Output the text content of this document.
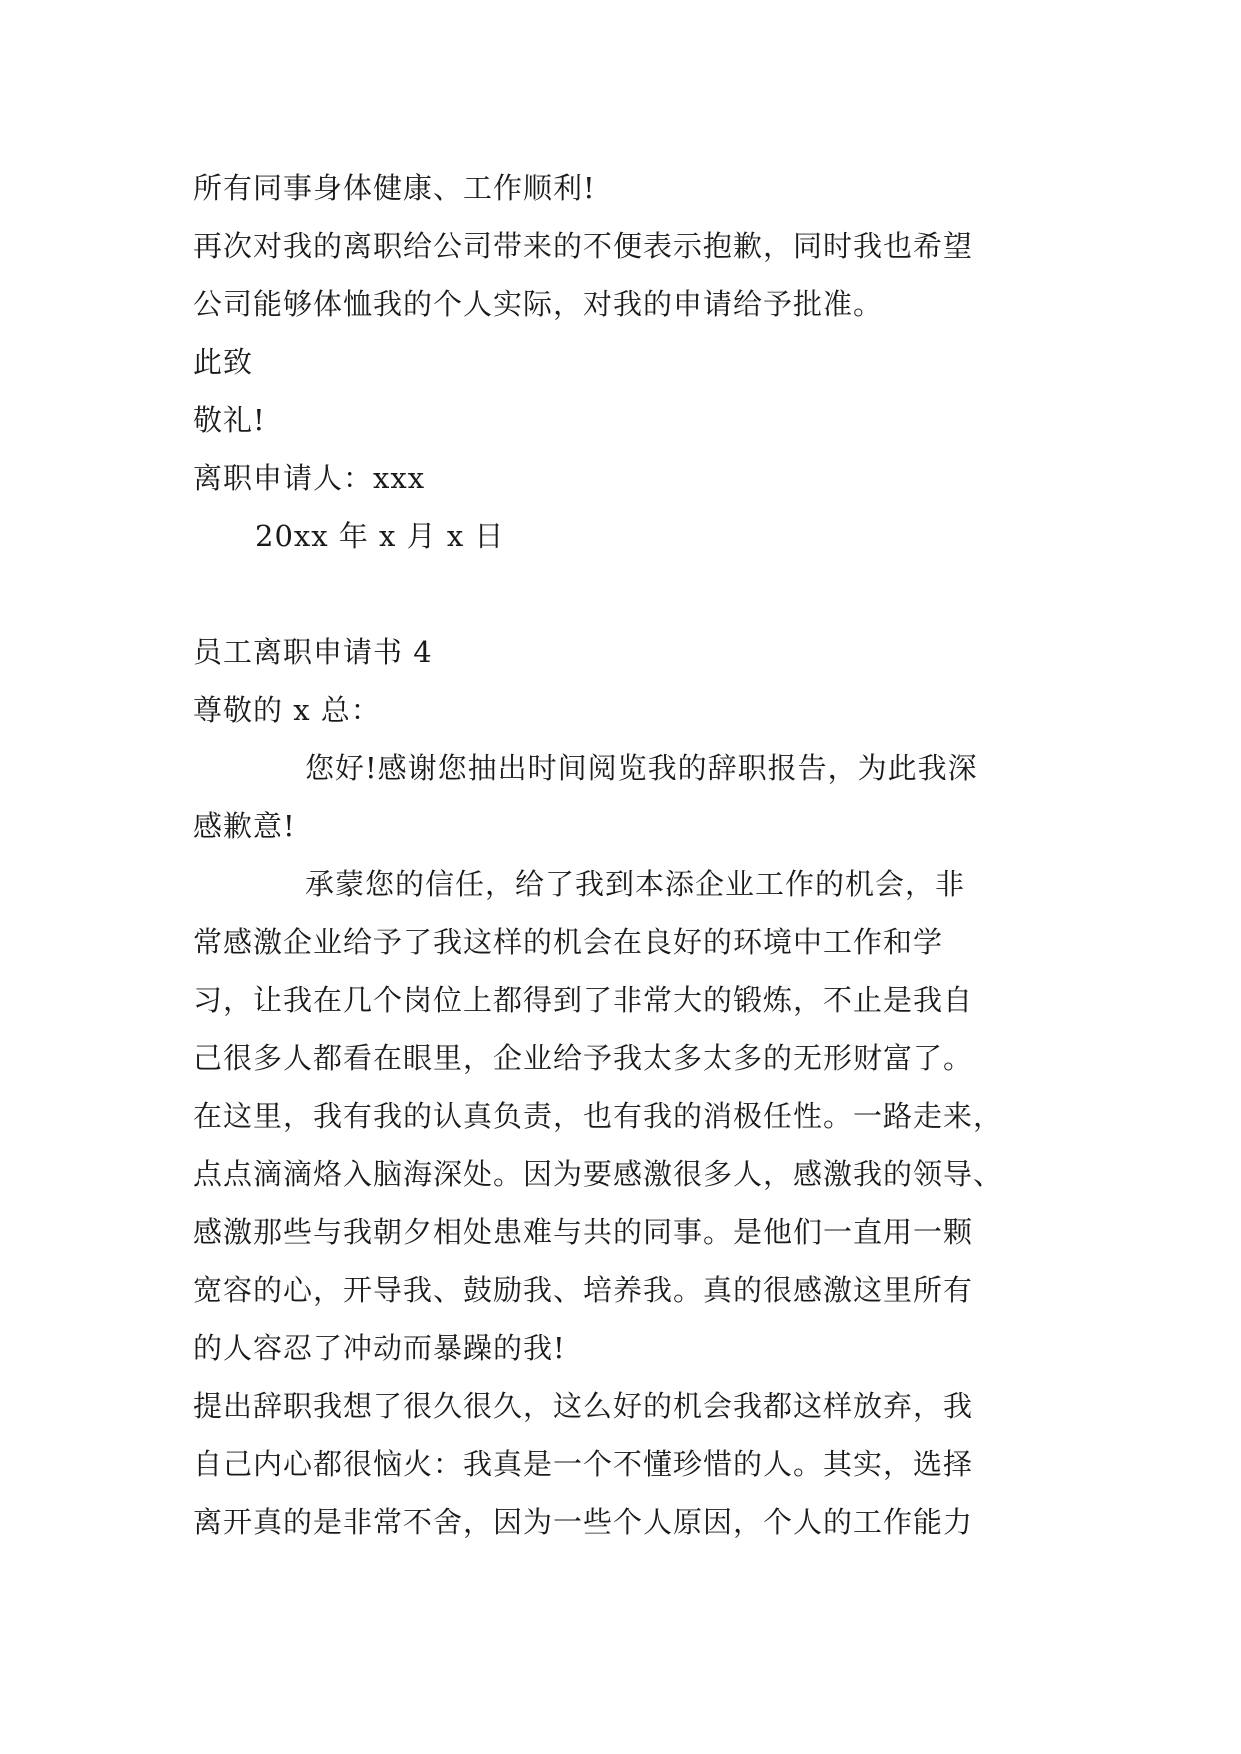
所有同事身体健康、工作顺利!
再次对我的离职给公司带来的不便表示抱歉，同时我也希望
公司能够体恤我的个人实际，对我的申请给予批准。
此致
敬礼!
离职申请人：xxx
20xx 年 x 月 x 日
员工离职申请书 4
尊敬的 x 总：
您好!感谢您抽出时间阅览我的辞职报告，为此我深
感歉意!
承蒙您的信任，给了我到本添企业工作的机会，非
常感激企业给予了我这样的机会在良好的环境中工作和学
习，让我在几个岗位上都得到了非常大的锻炼，不止是我自
己很多人都看在眼里，企业给予我太多太多的无形财富了。
在这里，我有我的认真负责，也有我的消极任性。一路走来，
点点滴滴烙入脑海深处。因为要感激很多人，感激我的领导、
感激那些与我朝夕相处患难与共的同事。是他们一直用一颗
宽容的心，开导我、鼓励我、培养我。真的很感激这里所有
的人容忍了冲动而暴躁的我!
提出辞职我想了很久很久，这么好的机会我都这样放弃，我
自己内心都很恼火：我真是一个不懂珍惜的人。其实，选择
离开真的是非常不舍，因为一些个人原因，个人的工作能力
